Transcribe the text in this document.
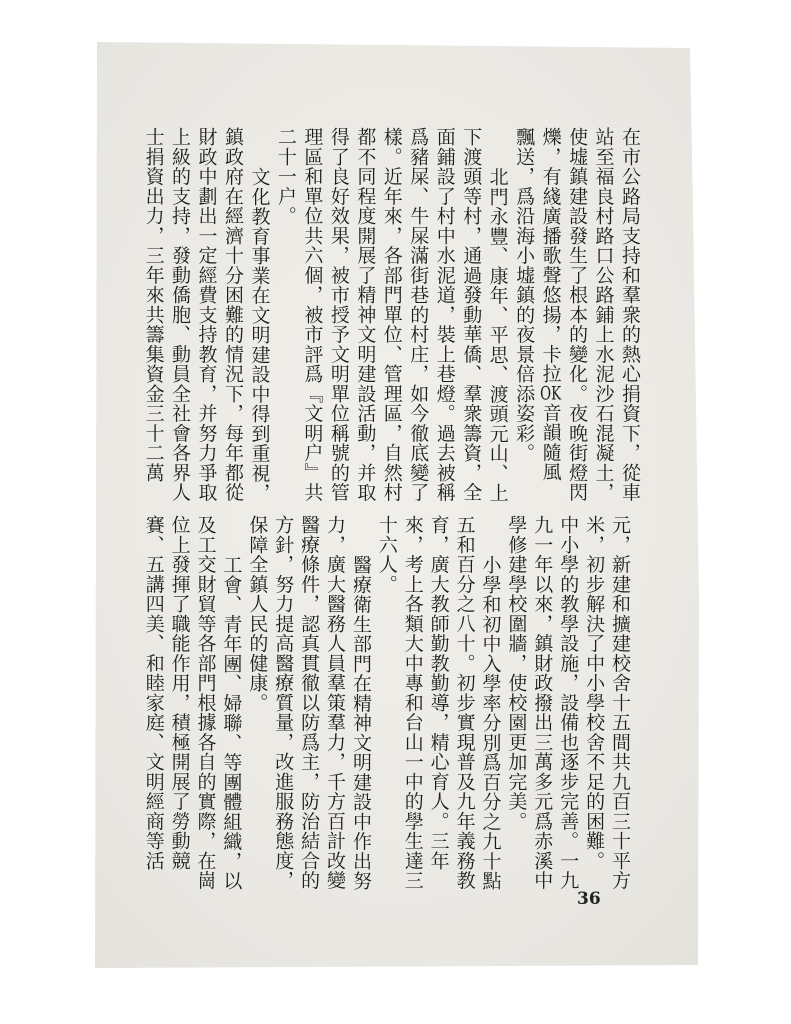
在市公路局支持和羣衆的熱心捐資下，從車
站至福良村路口公路鋪上水泥沙石混凝土，
使墟鎮建設發生了根本的變化。夜晚街燈閃
爍，有綫廣播歌聲悠揚，卡拉OK音韻隨風
飄送，爲沿海小墟鎮的夜景倍添姿彩。
北門永豐、康年、平思、渡頭元山、上
下渡頭等村，通過發動華僑、羣衆籌資，全
面鋪設了村中水泥道，裝上巷燈。過去被稱
爲豬屎、牛屎滿街巷的村庄，如今徹底變了
樣。近年來，各部門單位、管理區，自然村
都不同程度開展了精神文明建設活動，并取
得了良好效果，被市授予文明單位稱號的管
理區和單位共六個，被市評爲『文明户』共
二十一户。
文化教育事業在文明建設中得到重視，
鎮政府在經濟十分困難的情況下，每年都從
財政中劃出一定經費支持教育，并努力爭取
上級的支持，發動僑胞、動員全社會各界人
士捐資出力，三年來共籌集資金三十二萬
元，新建和擴建校舍十五間共九百三十平方
米，初步解決了中小學校舍不足的困難。
中小學的教學設施，設備也逐步完善。一九
九一年以來，鎮財政撥出三萬多元爲赤溪中
學修建學校圍牆，使校園更加完美。
小學和初中入學率分別爲百分之九十點
五和百分之八十。初步實現普及九年義務教
育，廣大教師勤教勤導，精心育人。三年
來，考上各類大中專和台山一中的學生達三
十六人。
醫療衛生部門在精神文明建設中作出努
力，廣大醫務人員羣策羣力，千方百計改變
醫療條件，認真貫徹以防爲主，防治結合的
方針，努力提高醫療質量，改進服務態度，
保障全鎮人民的健康。
工會、青年團、婦聯、等團體組織，以
及工交財貿等各部門根據各自的實際，在崗
位上發揮了職能作用，積極開展了勞動競
賽、五講四美、和睦家庭、文明經商等活
36
